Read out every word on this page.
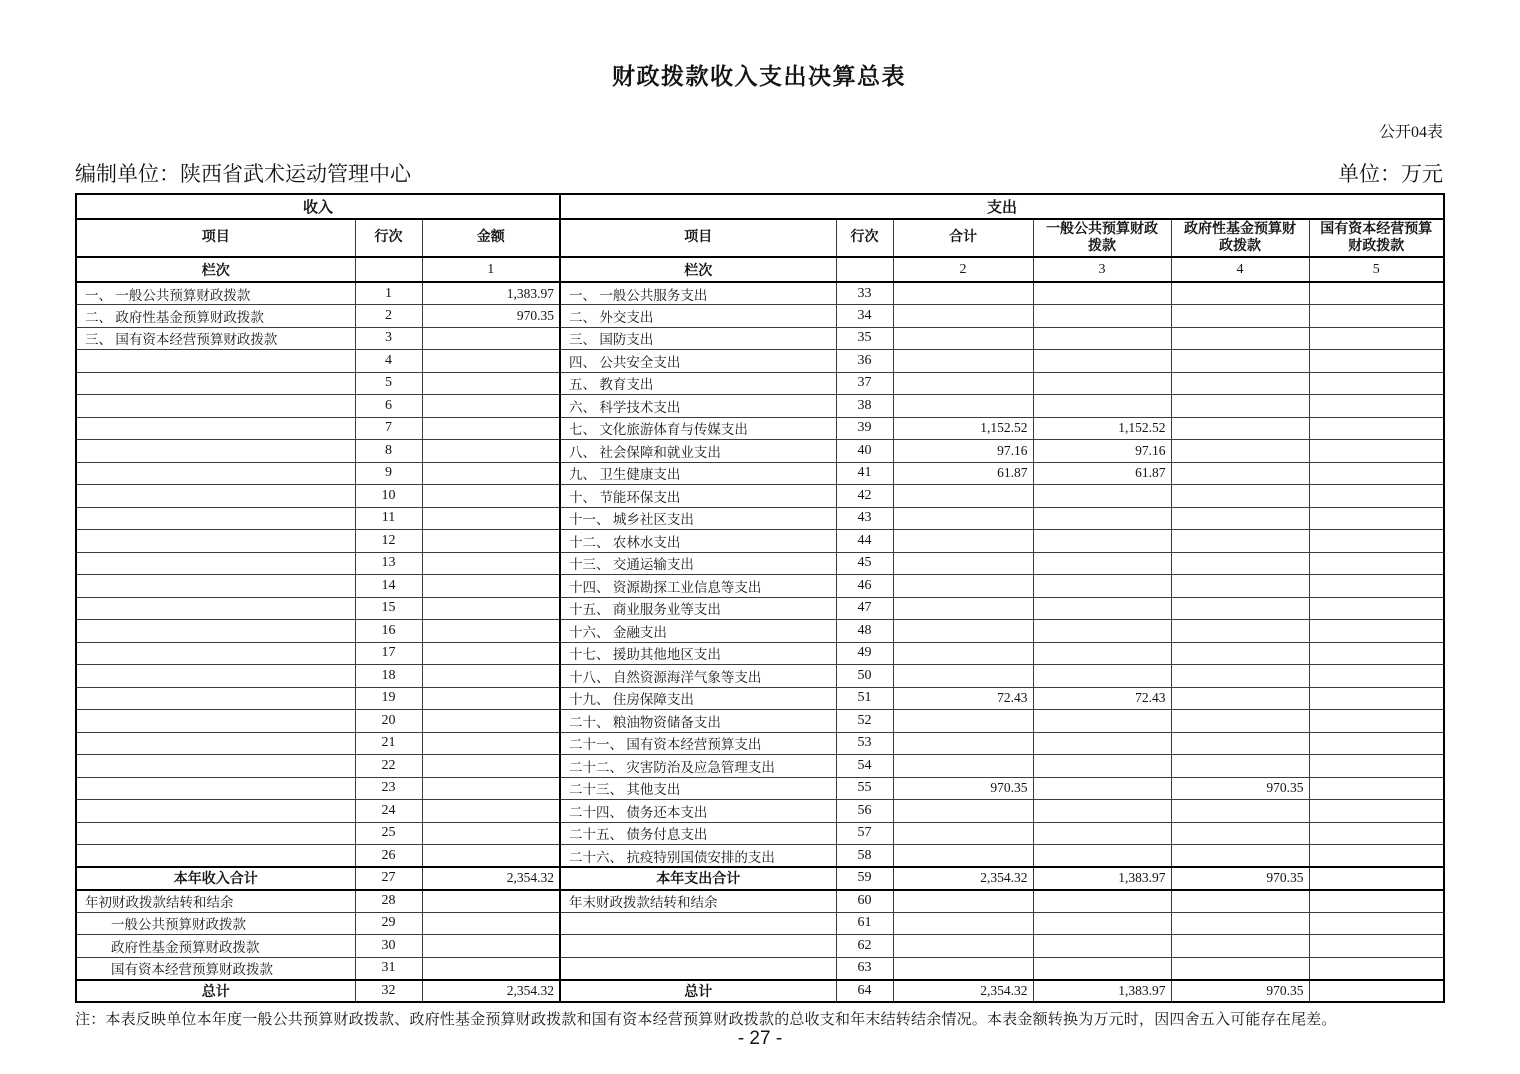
财政拨款收入支出决算总表
公开04表
编制单位：陕西省武术运动管理中心	单位：万元
收入			支出					
项目	行次	金额	项目	行次	合计	一般公共预算财政拨款	政府性基金预算财政拨款	国有资本经营预算财政拨款
栏次		1	栏次		2	3	4	5
一、 一般公共预算财政拨款	1	1,383.97	一、 一般公共服务支出	33				
二、 政府性基金预算财政拨款	2	970.35	二、 外交支出	34				
三、 国有资本经营预算财政拨款	3		三、 国防支出	35				
	4		四、 公共安全支出	36				
	5		五、 教育支出	37				
	6		六、 科学技术支出	38				
	7		七、 文化旅游体育与传媒支出	39	1,152.52	1,152.52		
	8		八、 社会保障和就业支出	40	97.16	97.16		
	9		九、 卫生健康支出	41	61.87	61.87		
	10		十、 节能环保支出	42				
	11		十一、 城乡社区支出	43				
	12		十二、 农林水支出	44				
	13		十三、 交通运输支出	45				
	14		十四、 资源勘探工业信息等支出	46				
	15		十五、 商业服务业等支出	47				
	16		十六、 金融支出	48				
	17		十七、 援助其他地区支出	49				
	18		十八、 自然资源海洋气象等支出	50				
	19		十九、 住房保障支出	51	72.43	72.43		
	20		二十、 粮油物资储备支出	52				
	21		二十一、 国有资本经营预算支出	53				
	22		二十二、 灾害防治及应急管理支出	54				
	23		二十三、 其他支出	55	970.35		970.35	
	24		二十四、 债务还本支出	56				
	25		二十五、 债务付息支出	57				
	26		二十六、 抗疫特别国债安排的支出	58				
本年收入合计	27	2,354.32	本年支出合计	59	2,354.32	1,383.97	970.35	
年初财政拨款结转和结余	28		年末财政拨款结转和结余	60				
一般公共预算财政拨款	29			61				
政府性基金预算财政拨款	30			62				
国有资本经营预算财政拨款	31			63				
总计	32	2,354.32	总计	64	2,354.32	1,383.97	970.35	
注：本表反映单位本年度一般公共预算财政拨款、政府性基金预算财政拨款和国有资本经营预算财政拨款的总收支和年末结转结余情况。本表金额转换为万元时，因四舍五入可能存在尾差。
- 27 -
